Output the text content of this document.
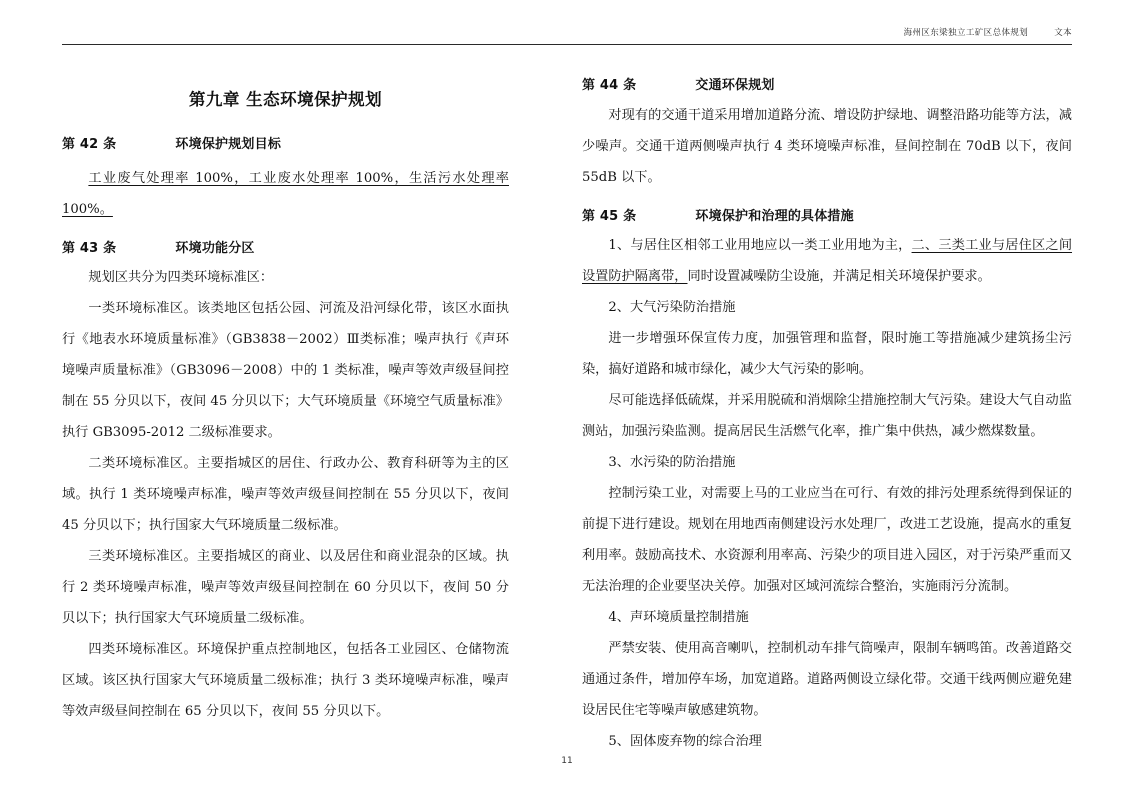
海州区东梁独立工矿区总体规划	文本
第九章 生态环境保护规划

第 42 条			环境保护规划目标

工业废气处理率 100%，工业废水处理率 100%，生活污水处理率 100%。

第 43 条			环境功能分区

规划区共分为四类环境标准区：

一类环境标准区。该类地区包括公园、河流及沿河绿化带，该区水面执行《地表水环境质量标准》（GB3838－2002）Ⅲ类标准；噪声执行《声环境噪声质量标准》（GB3096－2008）中的 1 类标准，噪声等效声级昼间控制在 55 分贝以下，夜间 45 分贝以下；大气环境质量《环境空气质量标准》执行 GB3095-2012 二级标准要求。

二类环境标准区。主要指城区的居住、行政办公、教育科研等为主的区域。执行 1 类环境噪声标准，噪声等效声级昼间控制在 55 分贝以下，夜间 45 分贝以下；执行国家大气环境质量二级标准。

三类环境标准区。主要指城区的商业、以及居住和商业混杂的区域。执行 2 类环境噪声标准，噪声等效声级昼间控制在 60 分贝以下，夜间 50 分贝以下；执行国家大气环境质量二级标准。

四类环境标准区。环境保护重点控制地区，包括各工业园区、仓储物流区域。该区执行国家大气环境质量二级标准；执行 3 类环境噪声标准，噪声等效声级昼间控制在 65 分贝以下，夜间 55 分贝以下。

第 44 条			交通环保规划

对现有的交通干道采用增加道路分流、增设防护绿地、调整沿路功能等方法，减少噪声。交通干道两侧噪声执行 4 类环境噪声标准，昼间控制在 70dB 以下，夜间 55dB 以下。

第 45 条			环境保护和治理的具体措施

1、与居住区相邻工业用地应以一类工业用地为主，二、三类工业与居住区之间设置防护隔离带，同时设置减噪防尘设施，并满足相关环境保护要求。

2、大气污染防治措施

进一步增强环保宣传力度，加强管理和监督，限时施工等措施减少建筑扬尘污染，搞好道路和城市绿化，减少大气污染的影响。

尽可能选择低硫煤，并采用脱硫和消烟除尘措施控制大气污染。建设大气自动监测站，加强污染监测。提高居民生活燃气化率，推广集中供热，减少燃煤数量。

3、水污染的防治措施

控制污染工业，对需要上马的工业应当在可行、有效的排污处理系统得到保证的前提下进行建设。规划在用地西南侧建设污水处理厂，改进工艺设施，提高水的重复利用率。鼓励高技术、水资源利用率高、污染少的项目进入园区，对于污染严重而又无法治理的企业要坚决关停。加强对区域河流综合整治，实施雨污分流制。

4、声环境质量控制措施

严禁安装、使用高音喇叭，控制机动车排气筒噪声，限制车辆鸣笛。改善道路交通通过条件，增加停车场，加宽道路。道路两侧设立绿化带。交通干线两侧应避免建设居民住宅等噪声敏感建筑物。

5、固体废弃物的综合治理

11
